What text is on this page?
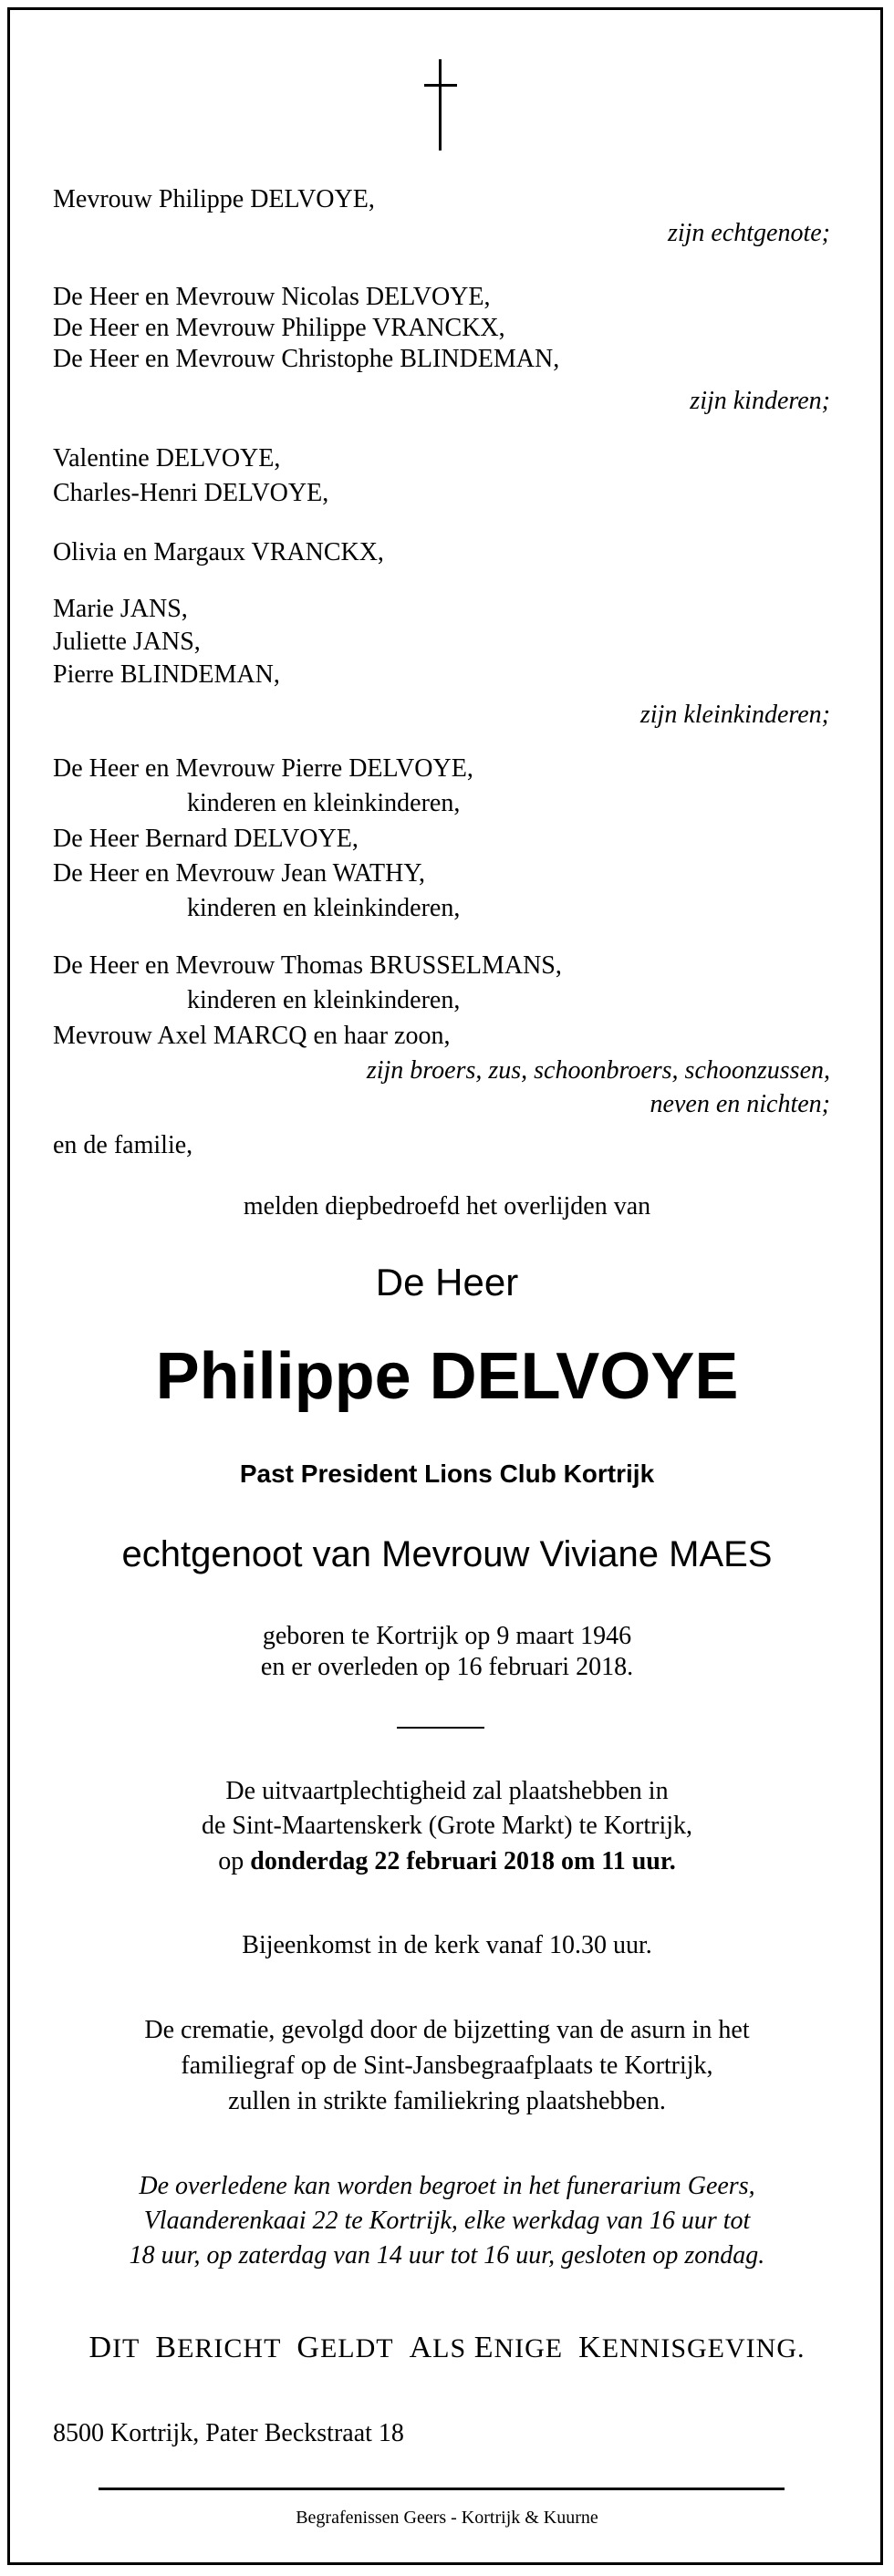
Mevrouw Philippe DELVOYE,
zijn echtgenote;
De Heer en Mevrouw Nicolas DELVOYE,
De Heer en Mevrouw Philippe VRANCKX,
De Heer en Mevrouw Christophe BLINDEMAN,
zijn kinderen;
Valentine DELVOYE,
Charles-Henri DELVOYE,
Olivia en Margaux VRANCKX,
Marie JANS,
Juliette JANS,
Pierre BLINDEMAN,
zijn kleinkinderen;
De Heer en Mevrouw Pierre DELVOYE,
kinderen en kleinkinderen,
De Heer Bernard DELVOYE,
De Heer en Mevrouw Jean WATHY,
kinderen en kleinkinderen,
De Heer en Mevrouw Thomas BRUSSELMANS,
kinderen en kleinkinderen,
Mevrouw Axel MARCQ en haar zoon,
zijn broers, zus, schoonbroers, schoonzussen,
neven en nichten;
en de familie,
melden diepbedroefd het overlijden van
De Heer
Philippe DELVOYE
Past President Lions Club Kortrijk
echtgenoot van Mevrouw Viviane MAES
geboren te Kortrijk op 9 maart 1946
en er overleden op 16 februari 2018.
De uitvaartplechtigheid zal plaatshebben in
de Sint-Maartenskerk (Grote Markt) te Kortrijk,
op donderdag 22 februari 2018 om 11 uur.
Bijeenkomst in de kerk vanaf 10.30 uur.
De crematie, gevolgd door de bijzetting van de asurn in het
familiegraf op de Sint-Jansbegraafplaats te Kortrijk,
zullen in strikte familiekring plaatshebben.
De overledene kan worden begroet in het funerarium Geers,
Vlaanderenkaai 22 te Kortrijk, elke werkdag van 16 uur tot
18 uur, op zaterdag van 14 uur tot 16 uur, gesloten op zondag.
DIT BERICHT GELDT ALS ENIGE KENNISGEVING.
8500 Kortrijk, Pater Beckstraat 18
Begrafenissen Geers - Kortrijk & Kuurne
